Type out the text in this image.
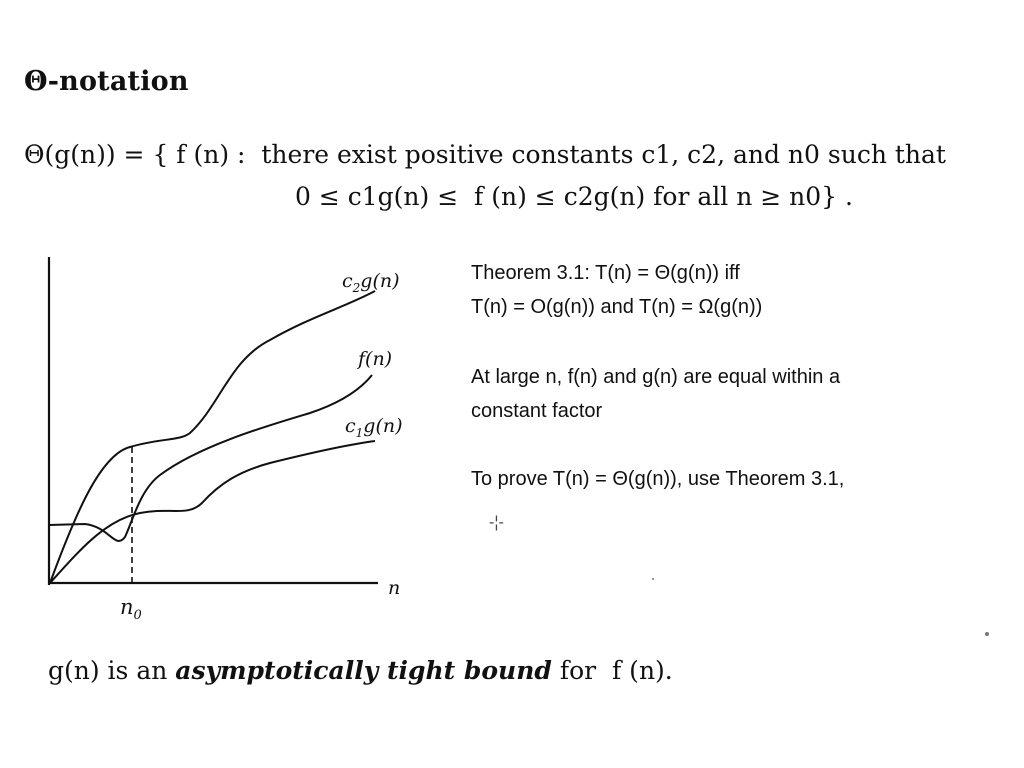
Θ-notation
Θ(g(n)) = { f (n) :  there exist positive constants c1, c2, and n0 such that
0 ≤ c1g(n) ≤  f (n) ≤ c2g(n) for all n ≥ n0} .
$c_2g(n)$
f(n)
$c_1g(n)$
n
$n_0$
Theorem 3.1: T(n) = Θ(g(n)) iff
T(n) = O(g(n)) and T(n) = Ω(g(n))
At large n, f(n) and g(n) are equal within a
constant factor
To prove T(n) = Θ(g(n)), use Theorem 3.1,
-¦-
g(n) is an asymptotically tight bound for  f (n).
